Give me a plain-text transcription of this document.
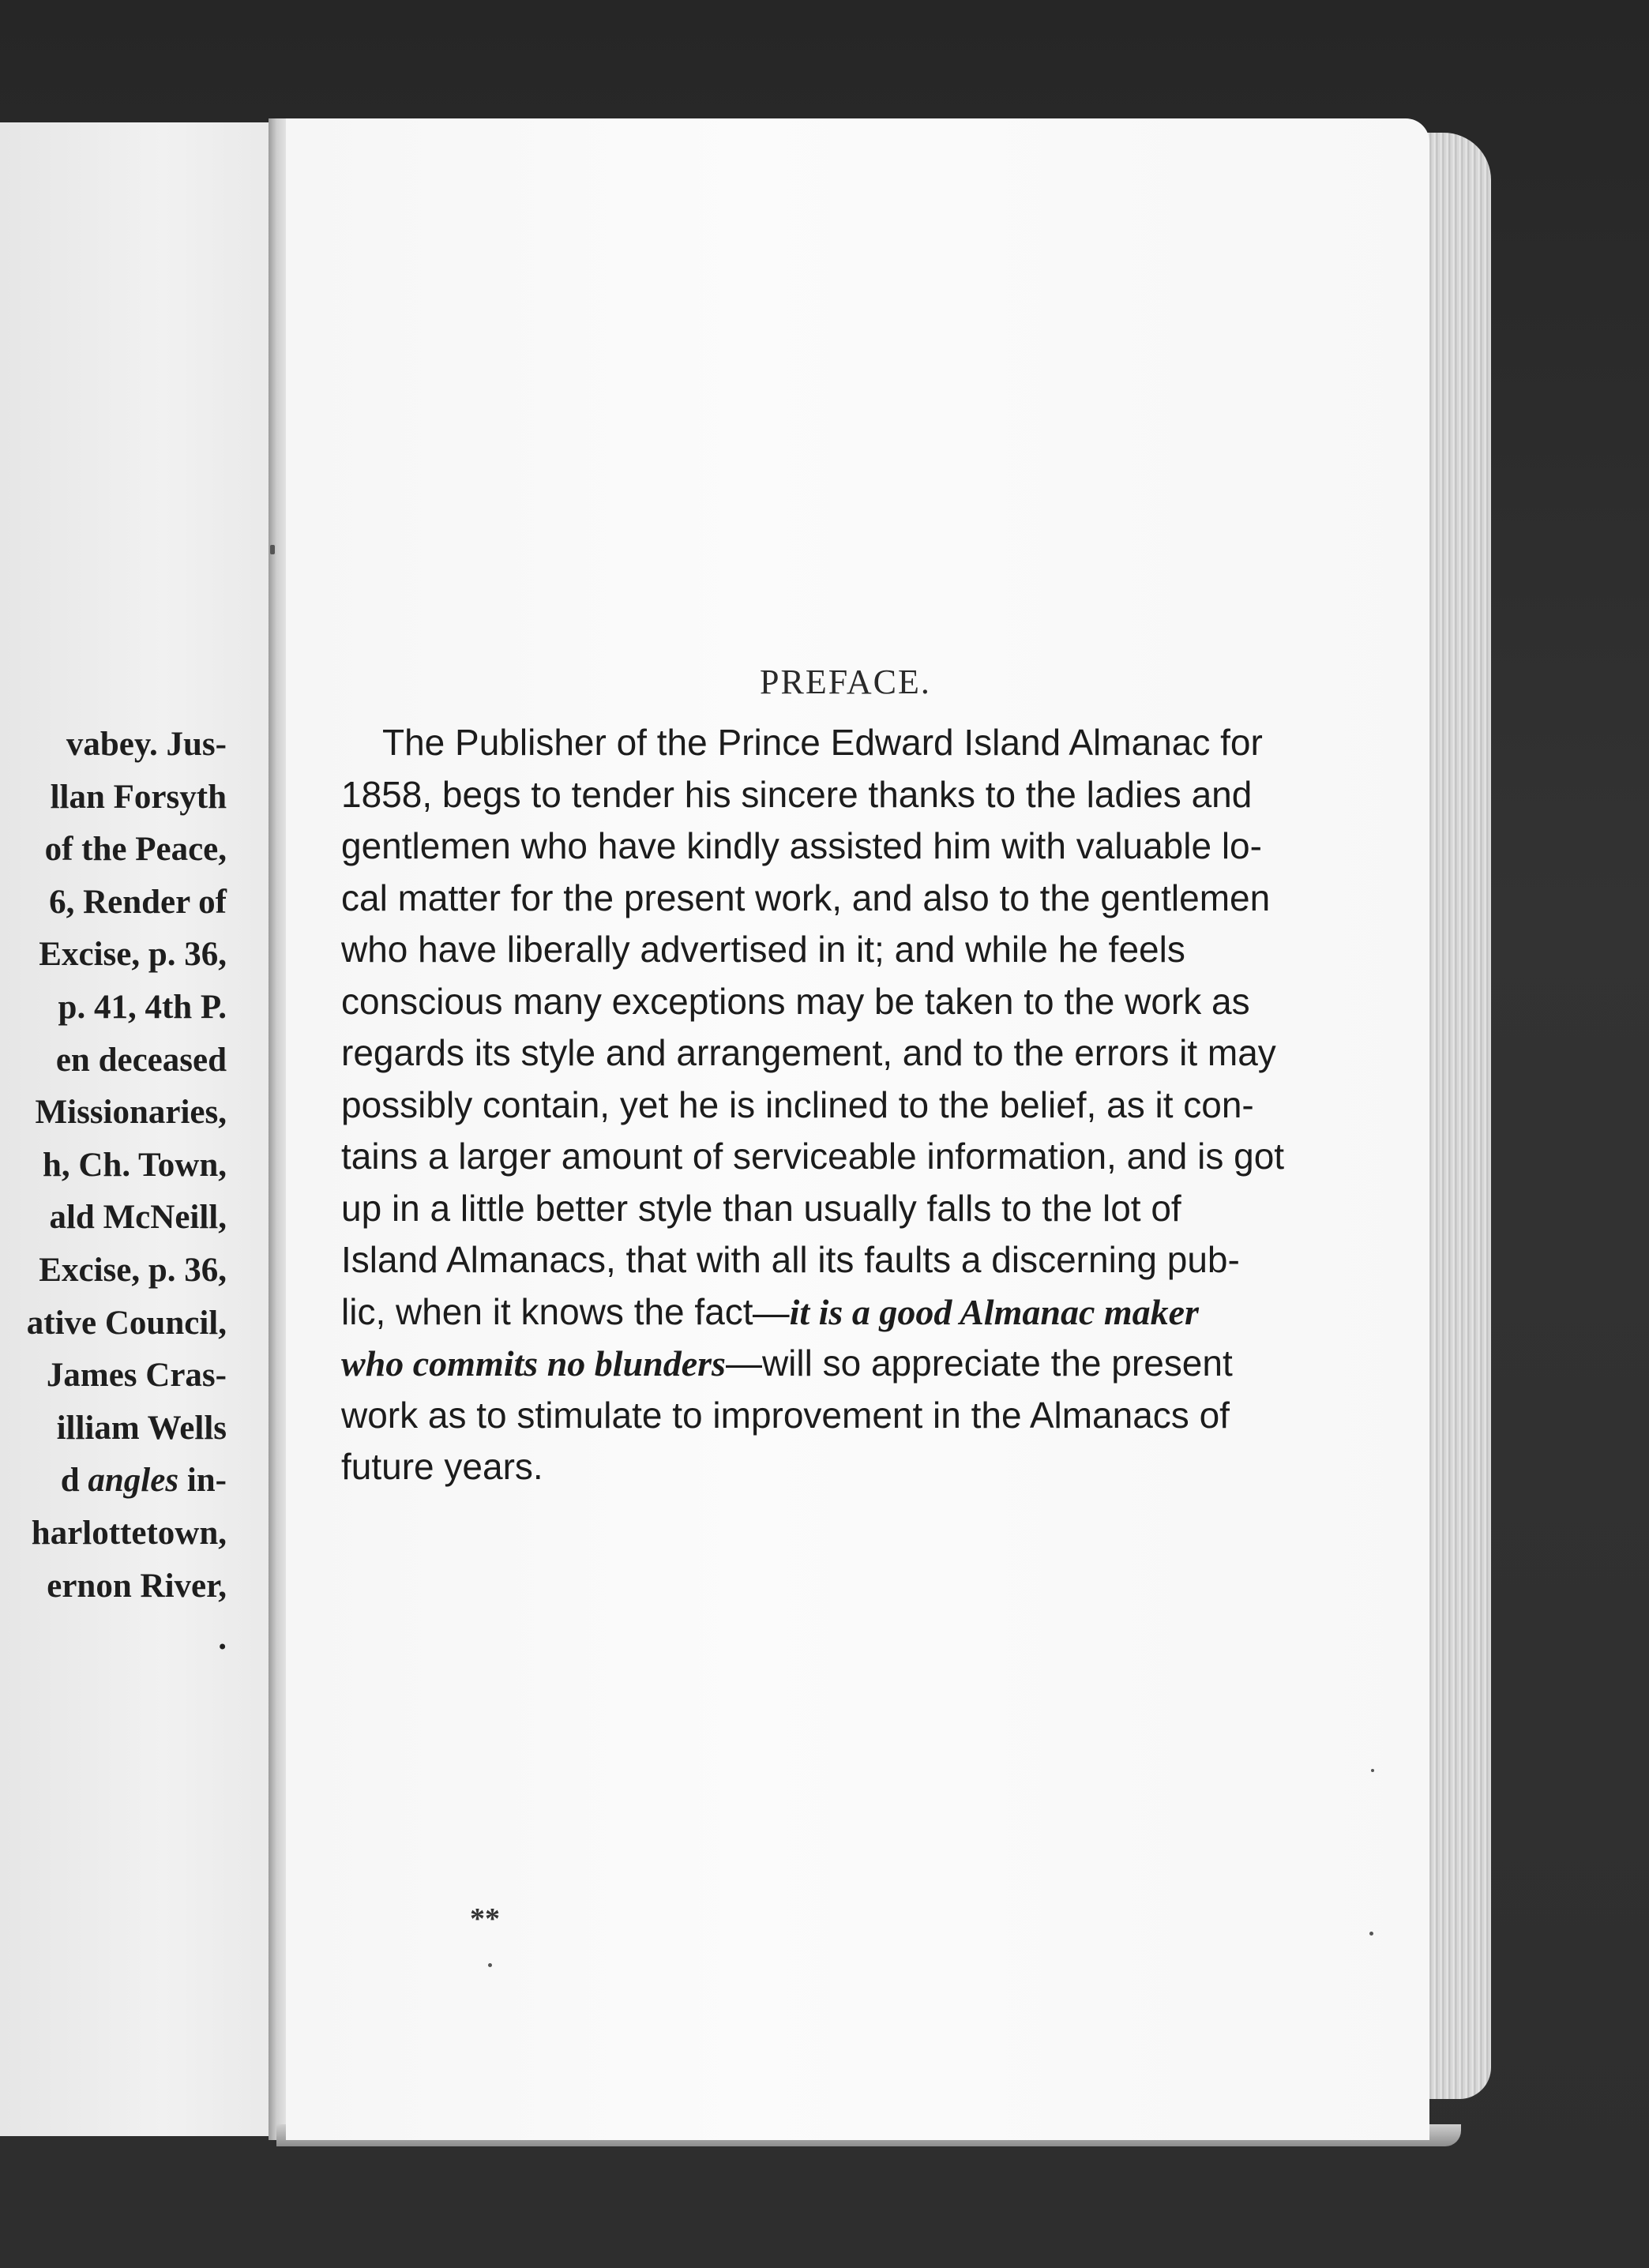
vabey. Jus-
llan Forsyth
of the Peace,
6, Render of
Excise, p. 36,
p. 41, 4th P.
en deceased
Missionaries,
h, Ch. Town,
ald McNeill,
Excise, p. 36,
ative Council,
James Cras-
illiam Wells
d angles in-
harlottetown,
ernon River,
.
PREFACE.
The Publisher of the Prince Edward Island Almanac for
1858, begs to tender his sincere thanks to the ladies and
gentlemen who have kindly assisted him with valuable lo-
cal matter for the present work, and also to the gentlemen
who have liberally advertised in it; and while he feels
conscious many exceptions may be taken to the work as
regards its style and arrangement, and to the errors it may
possibly contain, yet he is inclined to the belief, as it con-
tains a larger amount of serviceable information, and is got
up in a little better style than usually falls to the lot of
Island Almanacs, that with all its faults a discerning pub-
lic, when it knows the fact—it is a good Almanac maker
who commits no blunders—will so appreciate the present
work as to stimulate to improvement in the Almanacs of
future years.
**
